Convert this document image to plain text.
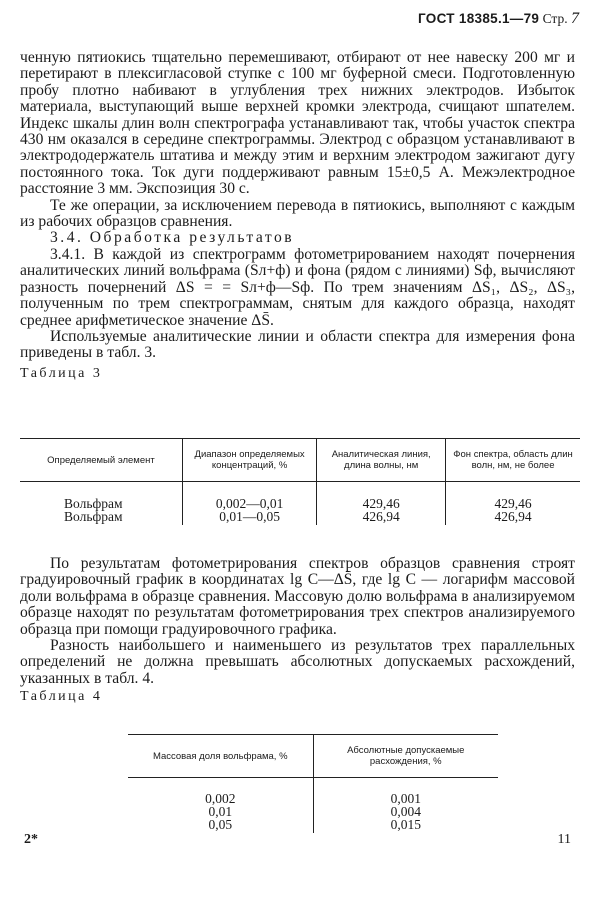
ГОСТ 18385.1—79 Стр. 7

ченную пятиокись тщательно перемешивают, отбирают от нее навеску 200 мг и перетирают в плексигласовой ступке с 100 мг буферной смеси. Подготовленную пробу плотно набивают в углубления трех нижних электродов. Избыток материала, выступающий выше верхней кромки электрода, счищают шпателем. Индекс шкалы длин волн спектрографа устанавливают так, чтобы участок спектра 430 нм оказался в середине спектрограммы. Электрод с образцом устанавливают в электрододержатель штатива и между этим и верхним электродом зажигают дугу постоянного тока. Ток дуги поддерживают равным 15±0,5 А. Межэлектродное расстояние 3 мм. Экспозиция 30 с.

Те же операции, за исключением перевода в пятиокись, выполняют с каждым из рабочих образцов сравнения.

3.4. Обработка результатов

3.4.1. В каждой из спектрограмм фотометрированием находят почернения аналитических линий вольфрама (Sл+ф) и фона (рядом с линиями) Sф, вычисляют разность почернений ΔS = = Sл+ф—Sф. По трем значениям ΔS₁, ΔS₂, ΔS₃, полученным по трем спектрограммам, снятым для каждого образца, находят среднее арифметическое значение ΔS̄.

Используемые аналитические линии и области спектра для измерения фона приведены в табл. 3.

Таблица 3

Определяемый элемент	Диапазон определяемых концентраций, %	Аналитическая линия, длина волны, нм	Фон спектра, область длин волн, нм, не более
Вольфрам	0,002—0,01	429,46	429,46
Вольфрам	0,01—0,05	426,94	426,94

По результатам фотометрирования спектров образцов сравнения строят градуировочный график в координатах lg C—ΔS̄, где lg C — логарифм массовой доли вольфрама в образце сравнения. Массовую долю вольфрама в анализируемом образце находят по результатам фотометрирования трех спектров анализируемого образца при помощи градуировочного графика.

Разность наибольшего и наименьшего из результатов трех параллельных определений не должна превышать абсолютных допускаемых расхождений, указанных в табл. 4.

Таблица 4

Массовая доля вольфрама, %	Абсолютные допускаемые расхождения, %
0,002	0,001
0,01	0,004
0,05	0,015
2*	11
